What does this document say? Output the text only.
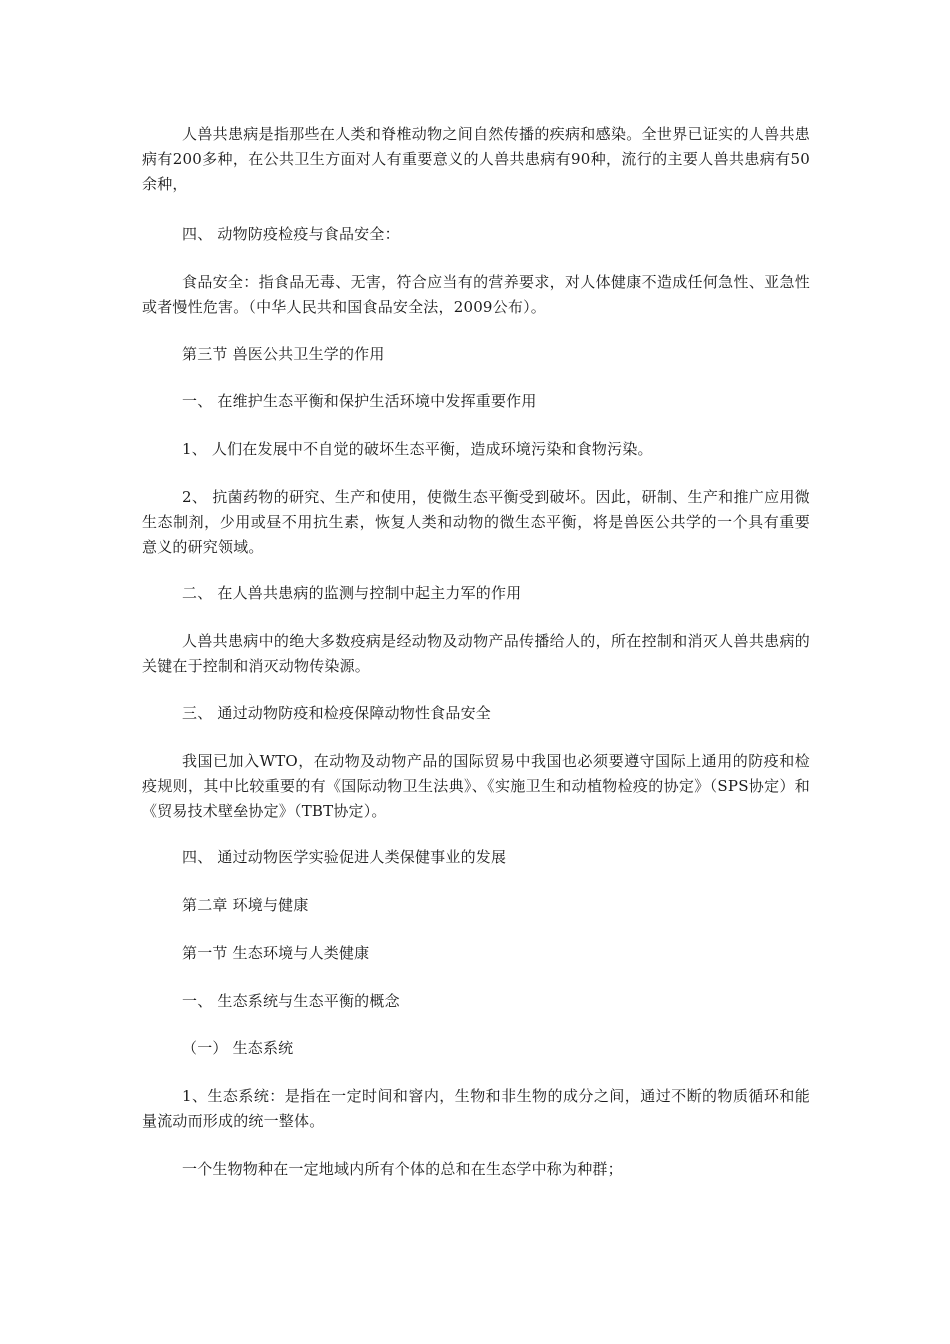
人兽共患病是指那些在人类和脊椎动物之间自然传播的疾病和感染。全世界已证实的人兽共患病有200多种，在公共卫生方面对人有重要意义的人兽共患病有90种，流行的主要人兽共患病有50余种，

四、 动物防疫检疫与食品安全：

食品安全：指食品无毒、无害，符合应当有的营养要求，对人体健康不造成任何急性、亚急性或者慢性危害。（中华人民共和国食品安全法，2009公布）。

第三节 兽医公共卫生学的作用

一、 在维护生态平衡和保护生活环境中发挥重要作用

1、 人们在发展中不自觉的破坏生态平衡，造成环境污染和食物污染。

2、 抗菌药物的研究、生产和使用，使微生态平衡受到破坏。因此，研制、生产和推广应用微生态制剂，少用或昼不用抗生素，恢复人类和动物的微生态平衡，将是兽医公共学的一个具有重要意义的研究领域。

二、 在人兽共患病的监测与控制中起主力军的作用

人兽共患病中的绝大多数疫病是经动物及动物产品传播给人的，所在控制和消灭人兽共患病的关键在于控制和消灭动物传染源。

三、 通过动物防疫和检疫保障动物性食品安全

我国已加入WTO，在动物及动物产品的国际贸易中我国也必须要遵守国际上通用的防疫和检疫规则，其中比较重要的有《国际动物卫生法典》、《实施卫生和动植物检疫的协定》（SPS协定）和《贸易技术壁垒协定》（TBT协定）。

四、 通过动物医学实验促进人类保健事业的发展

第二章 环境与健康

第一节 生态环境与人类健康

一、 生态系统与生态平衡的概念

（一） 生态系统

1、生态系统：是指在一定时间和窨内，生物和非生物的成分之间，通过不断的物质循环和能量流动而形成的统一整体。

一个生物物种在一定地域内所有个体的总和在生态学中称为种群；
